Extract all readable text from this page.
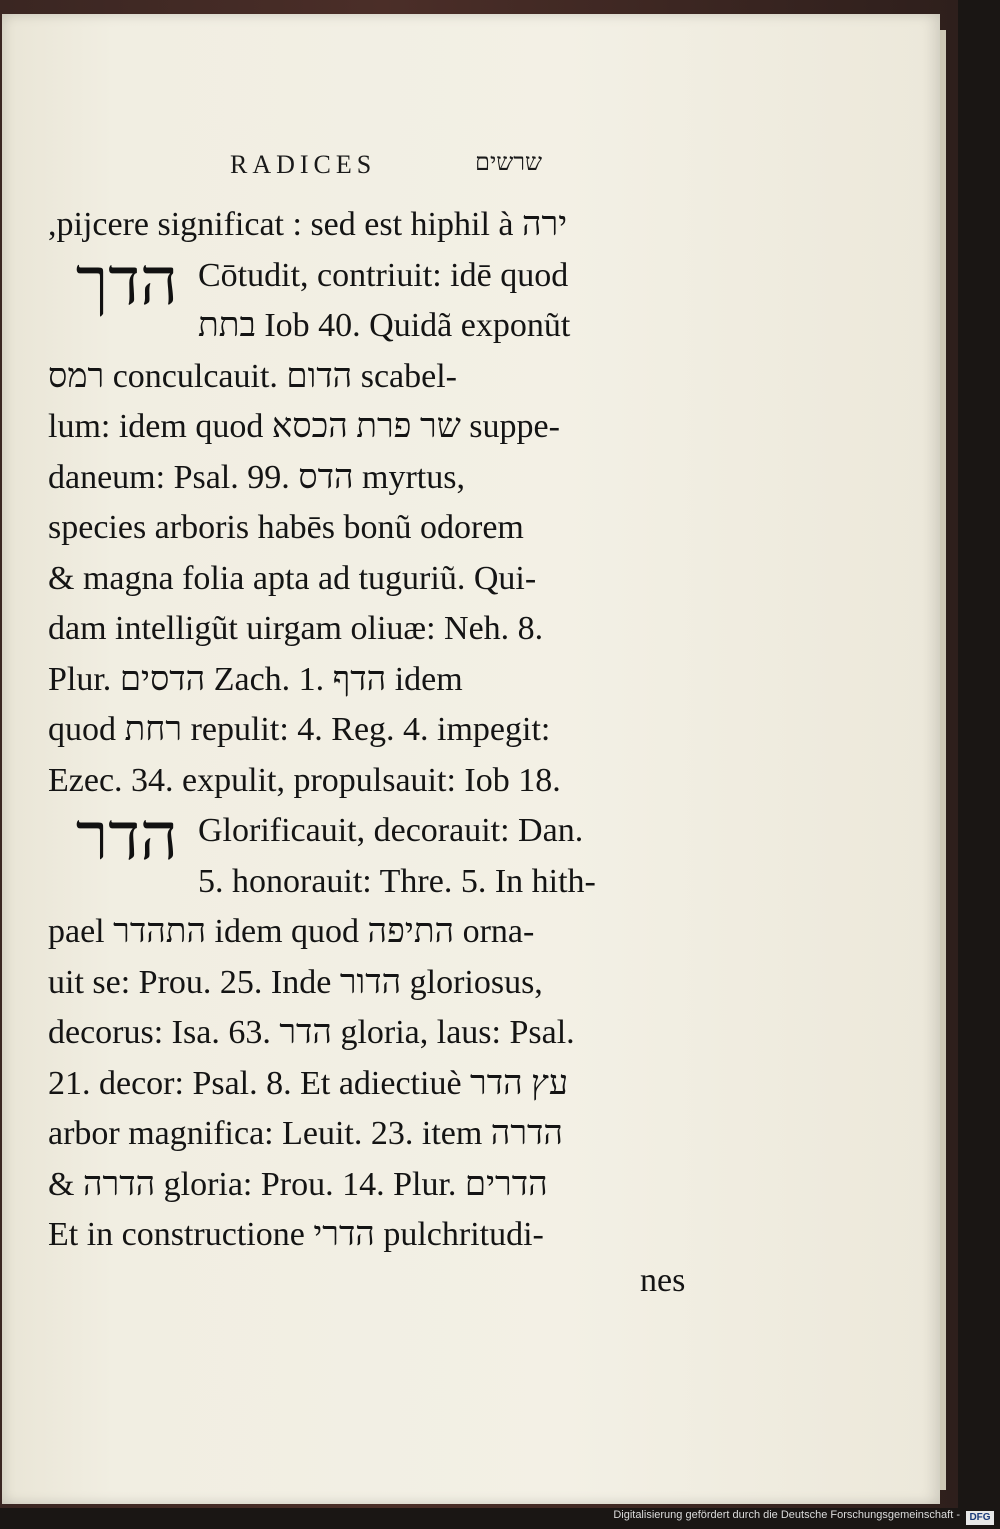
RADICES	שרשים
הדך
הדר
,pijcere significat : sed est hiphil à ירה
Cōtudit, contriuit: idē quod
בתת Iob 40. Quidã exponũt
רמס conculcauit. הדום scabel-
lum: idem quod שר פרת הכסא suppe-
daneum: Psal. 99. הדס myrtus,
species arboris habēs bonũ odorem
& magna folia apta ad tuguriũ. Qui-
dam intelligũt uirgam oliuæ: Neh. 8.
Plur. הדסים Zach. 1. הדף idem
quod רחת repulit: 4. Reg. 4. impegit:
Ezec. 34. expulit, propulsauit: Iob 18.
Glorificauit, decorauit: Dan.
5. honorauit: Thre. 5. In hith-
pael התהדר idem quod התיפה orna-
uit se: Prou. 25. Inde הדור gloriosus,
decorus: Isa. 63. הדר gloria, laus: Psal.
21. decor: Psal. 8. Et adiectiuè עץ הדר
arbor magnifica: Leuit. 23. item הדרה
& הדרה gloria: Prou. 14. Plur. הדרים
Et in constructione הדרי pulchritudi-
nes
Digitalisierung gefördert durch die Deutsche Forschungsgemeinschaft - DFG
